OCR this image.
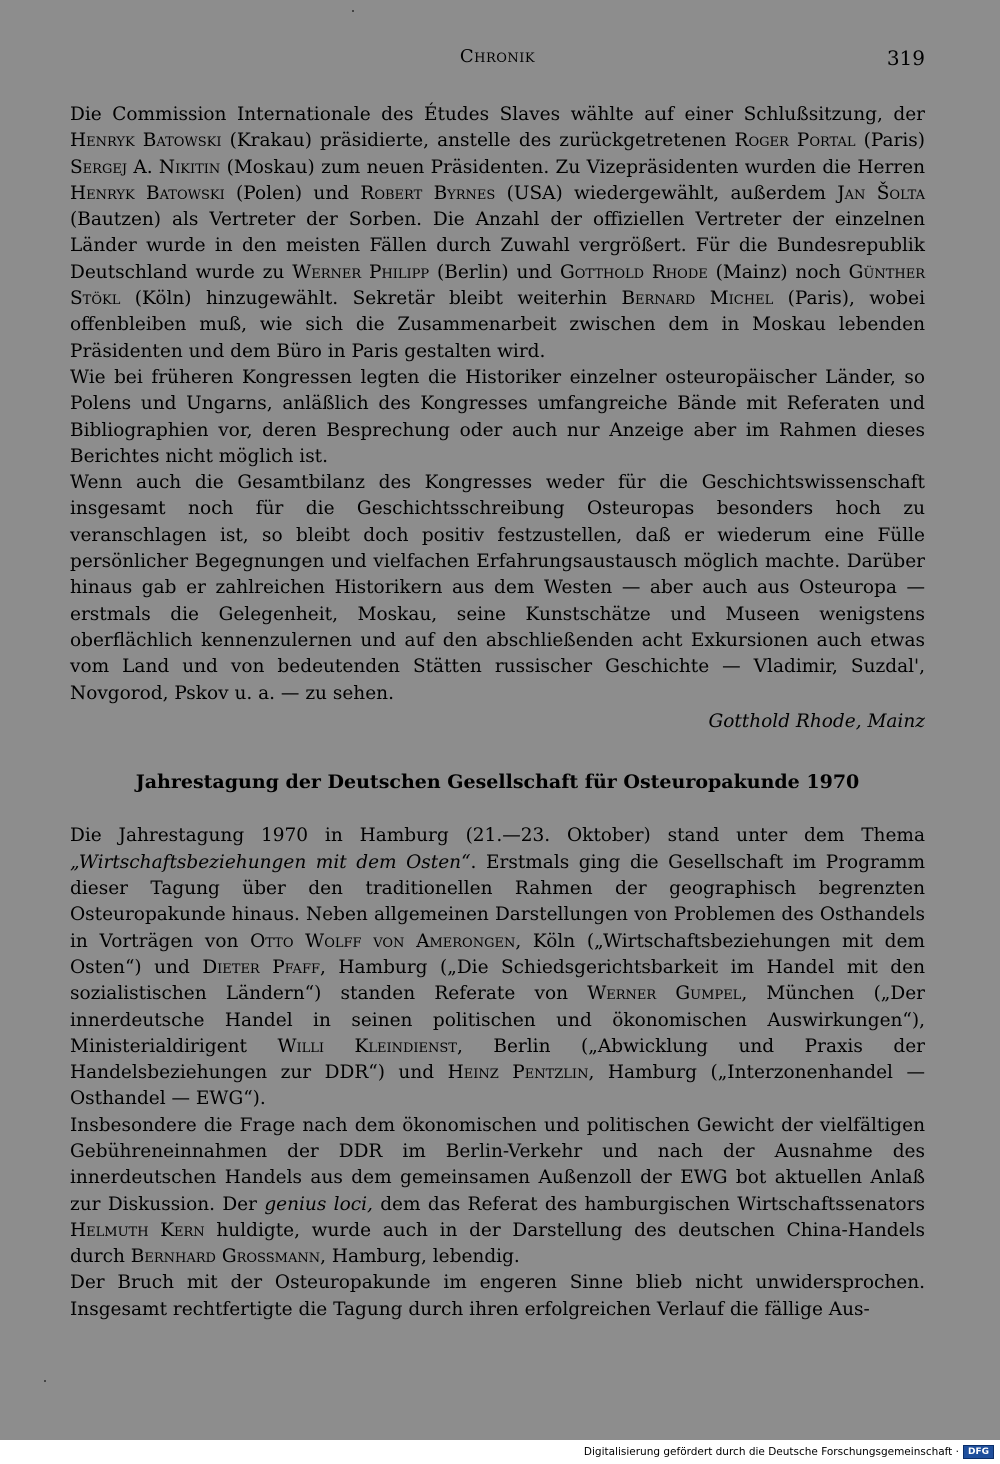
Chronik	319

Die Commission Internationale des Études Slaves wählte auf einer Schlußsitzung, der Henryk Batowski (Krakau) präsidierte, anstelle des zurückgetretenen Roger Portal (Paris) Sergej A. Nikitin (Moskau) zum neuen Präsidenten. Zu Vizepräsidenten wurden die Herren Henryk Batowski (Polen) und Robert Byrnes (USA) wiedergewählt, außerdem Jan Šolta (Bautzen) als Vertreter der Sorben. Die Anzahl der offiziellen Vertreter der einzelnen Länder wurde in den meisten Fällen durch Zuwahl vergrößert. Für die Bundesrepublik Deutschland wurde zu Werner Philipp (Berlin) und Gotthold Rhode (Mainz) noch Günther Stökl (Köln) hinzugewählt. Sekretär bleibt weiterhin Bernard Michel (Paris), wobei offenbleiben muß, wie sich die Zusammenarbeit zwischen dem in Moskau lebenden Präsidenten und dem Büro in Paris gestalten wird.

Wie bei früheren Kongressen legten die Historiker einzelner osteuropäischer Länder, so Polens und Ungarns, anläßlich des Kongresses umfangreiche Bände mit Referaten und Bibliographien vor, deren Besprechung oder auch nur Anzeige aber im Rahmen dieses Berichtes nicht möglich ist.

Wenn auch die Gesamtbilanz des Kongresses weder für die Geschichtswissenschaft insgesamt noch für die Geschichtsschreibung Osteuropas besonders hoch zu veranschlagen ist, so bleibt doch positiv festzustellen, daß er wiederum eine Fülle persönlicher Begegnungen und vielfachen Erfahrungsaustausch möglich machte. Darüber hinaus gab er zahlreichen Historikern aus dem Westen — aber auch aus Osteuropa — erstmals die Gelegenheit, Moskau, seine Kunstschätze und Museen wenigstens oberflächlich kennenzulernen und auf den abschließenden acht Exkursionen auch etwas vom Land und von bedeutenden Stätten russischer Geschichte — Vladimir, Suzdal', Novgorod, Pskov u. a. — zu sehen.

Gotthold Rhode, Mainz

Jahrestagung der Deutschen Gesellschaft für Osteuropakunde 1970

Die Jahrestagung 1970 in Hamburg (21.—23. Oktober) stand unter dem Thema „Wirtschaftsbeziehungen mit dem Osten“. Erstmals ging die Gesellschaft im Programm dieser Tagung über den traditionellen Rahmen der geographisch begrenzten Osteuropakunde hinaus. Neben allgemeinen Darstellungen von Problemen des Osthandels in Vorträgen von Otto Wolff von Amerongen, Köln („Wirtschaftsbeziehungen mit dem Osten“) und Dieter Pfaff, Hamburg („Die Schiedsgerichtsbarkeit im Handel mit den sozialistischen Ländern“) standen Referate von Werner Gumpel, München („Der innerdeutsche Handel in seinen politischen und ökonomischen Auswirkungen“), Ministerialdirigent Willi Kleindienst, Berlin („Abwicklung und Praxis der Handelsbeziehungen zur DDR“) und Heinz Pentzlin, Hamburg („Interzonenhandel — Osthandel — EWG“).

Insbesondere die Frage nach dem ökonomischen und politischen Gewicht der vielfältigen Gebühreneinnahmen der DDR im Berlin-Verkehr und nach der Ausnahme des innerdeutschen Handels aus dem gemeinsamen Außenzoll der EWG bot aktuellen Anlaß zur Diskussion. Der genius loci, dem das Referat des hamburgischen Wirtschaftssenators Helmuth Kern huldigte, wurde auch in der Darstellung des deutschen China-Handels durch Bernhard Grossmann, Hamburg, lebendig.

Der Bruch mit der Osteuropakunde im engeren Sinne blieb nicht unwidersprochen. Insgesamt rechtfertigte die Tagung durch ihren erfolgreichen Verlauf die fällige Aus-

Digitalisierung gefördert durch die Deutsche Forschungsgemeinschaft ·	DFG
